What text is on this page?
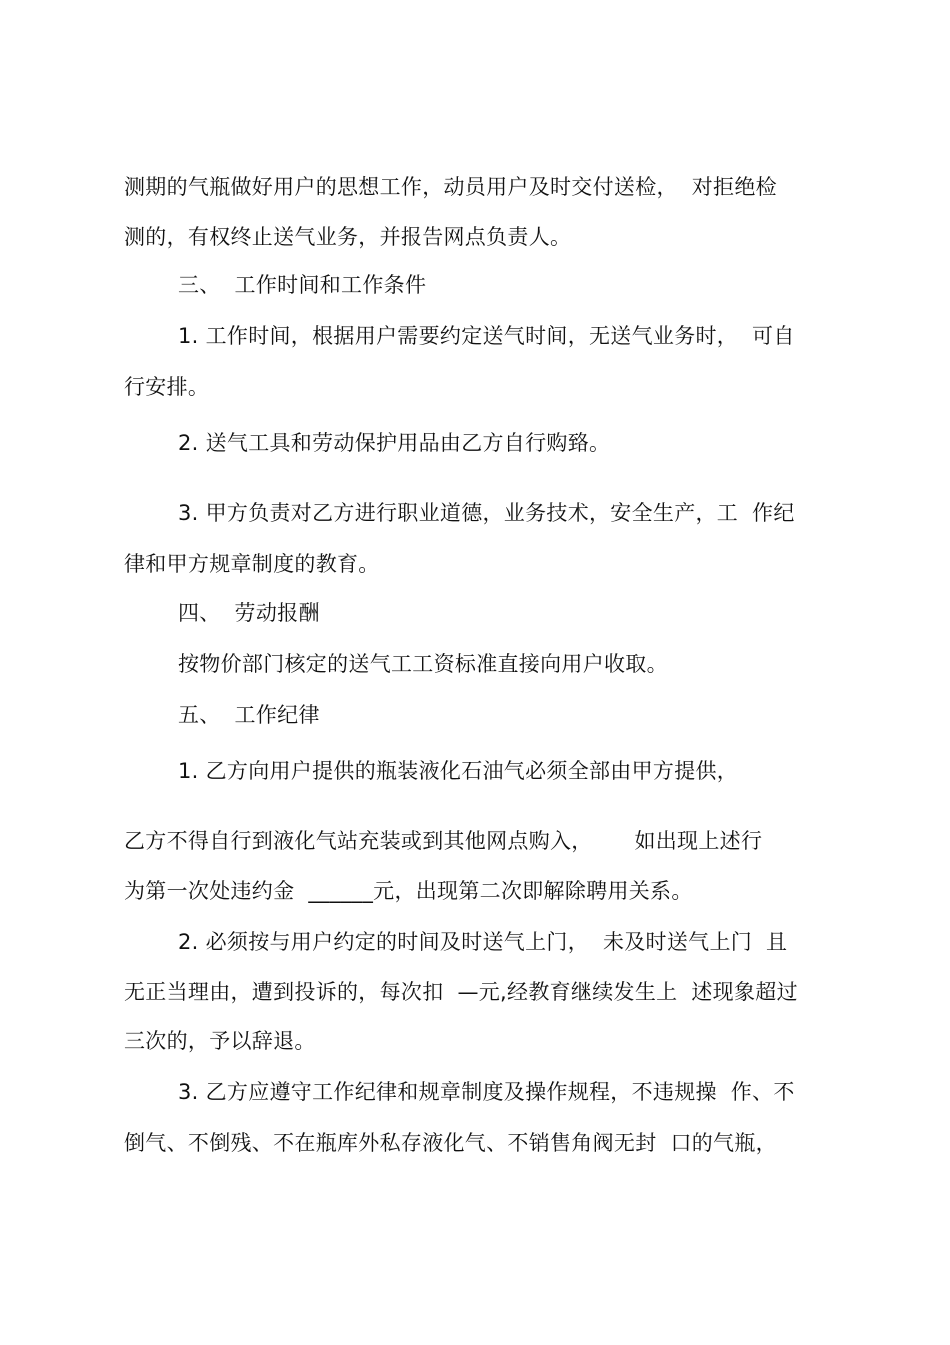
测期的气瓶做好用户的思想工作，动员用户及时交付送检，  对拒绝检
测的，有权终止送气业务，并报告网点负责人。
三、  工作时间和工作条件
1. 工作时间，根据用户需要约定送气时间，无送气业务时，  可自
行安排。
2. 送气工具和劳动保护用品由乙方自行购臵。
3. 甲方负责对乙方进行职业道德，业务技术，安全生产，工  作纪
律和甲方规章制度的教育。
四、  劳动报酬
按物价部门核定的送气工工资标准直接向用户收取。
五、  工作纪律
1. 乙方向用户提供的瓶装液化石油气必须全部由甲方提供，
乙方不得自行到液化气站充装或到其他网点购入，      如出现上述行
为第一次处违约金  ______元，出现第二次即解除聘用关系。
2. 必须按与用户约定的时间及时送气上门，  未及时送气上门  且
无正当理由，遭到投诉的，每次扣  —元,经教育继续发生上  述现象超过
三次的，予以辞退。
3. 乙方应遵守工作纪律和规章制度及操作规程，不违规操  作、不
倒气、不倒残、不在瓶库外私存液化气、不销售角阀无封  口的气瓶，
